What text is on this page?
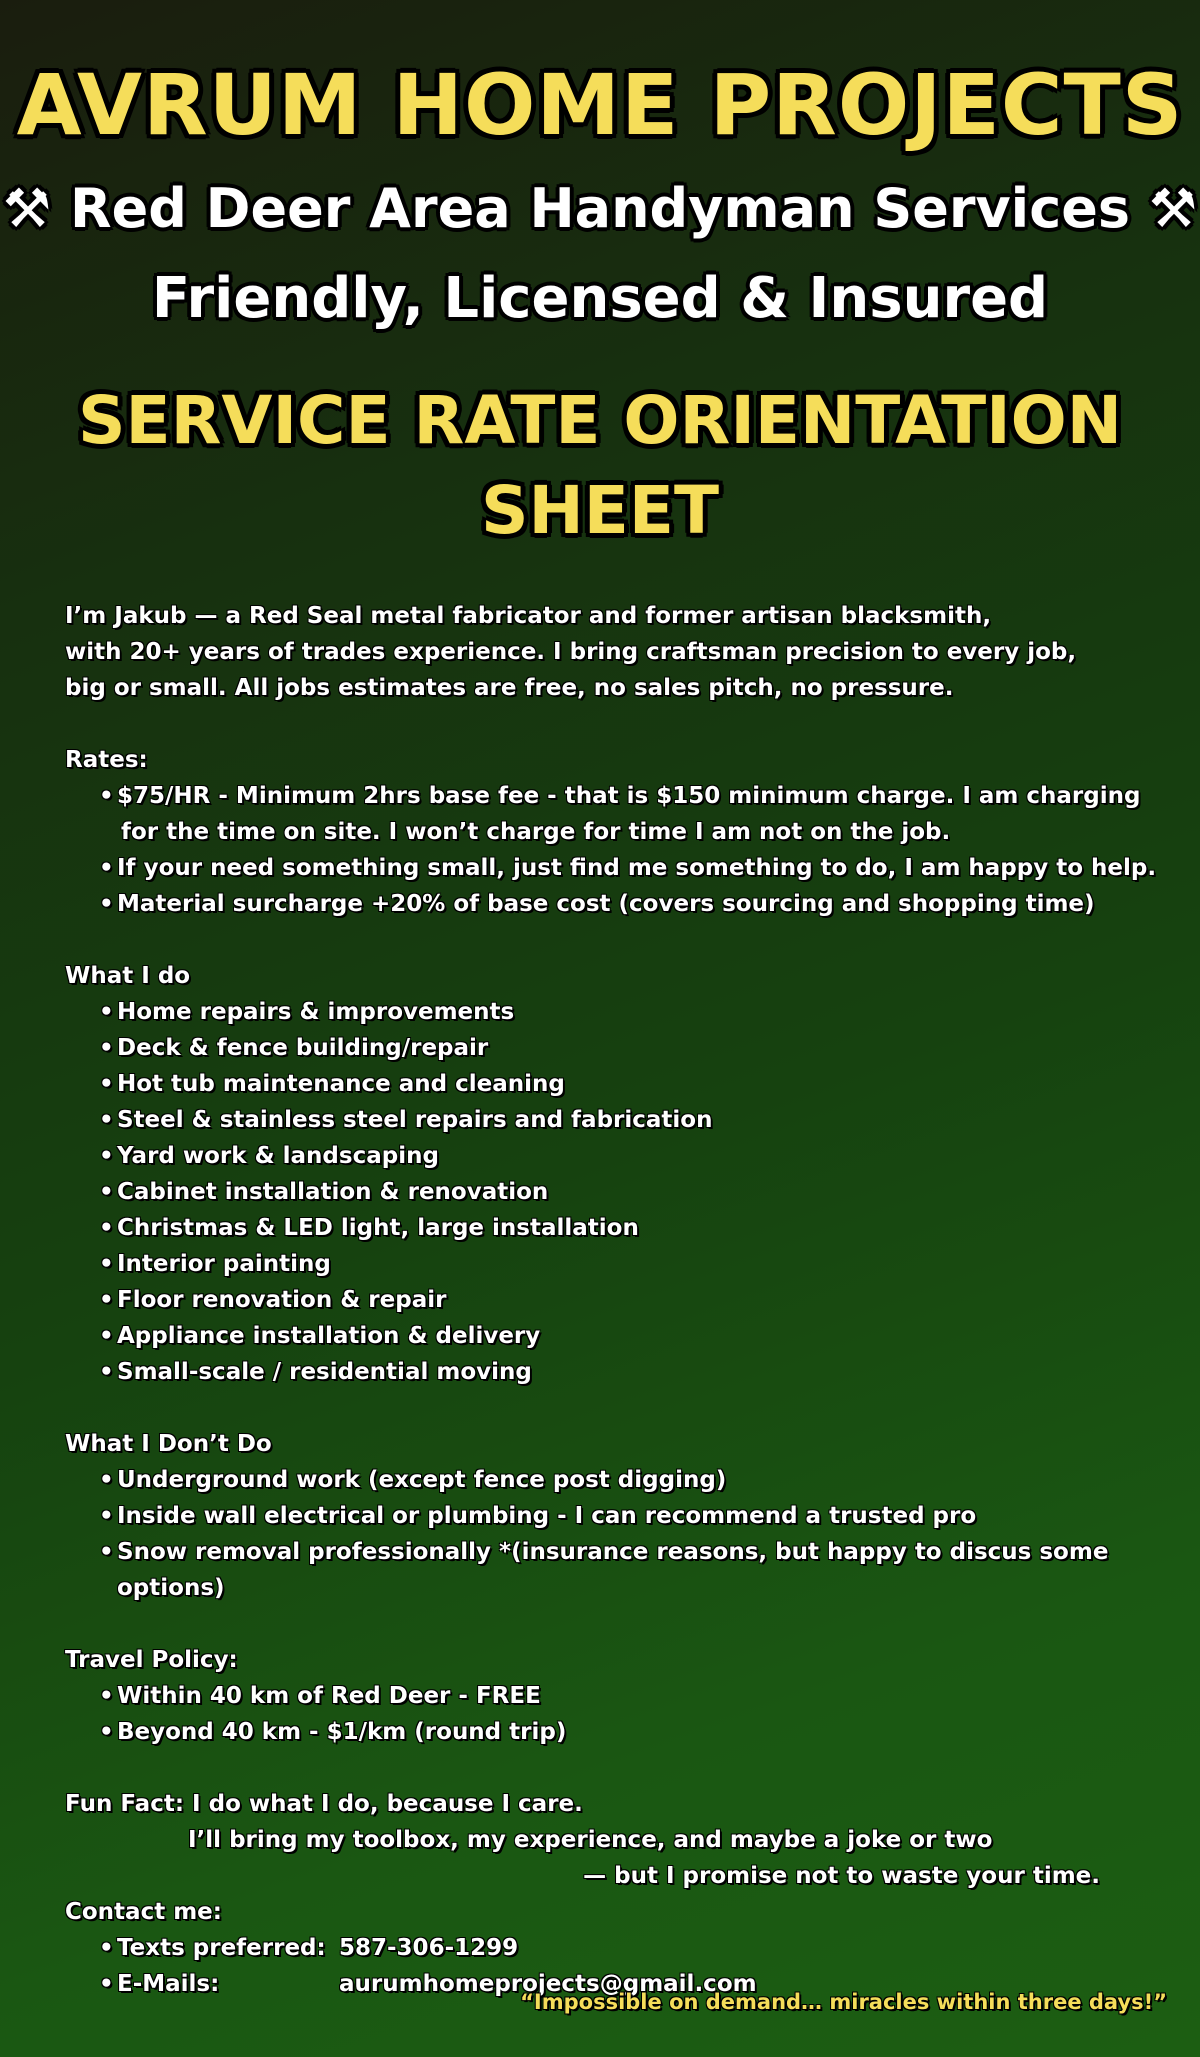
AVRUM HOME PROJECTS
⚒ Red Deer Area Handyman Services ⚒
Friendly, Licensed & Insured
SERVICE RATE ORIENTATION SHEET
I’m Jakub — a Red Seal metal fabricator and former artisan blacksmith,
with 20+ years of trades experience. I bring craftsman precision to every job,
big or small. All jobs estimates are free, no sales pitch, no pressure.
Rates:
• $75/HR - Minimum 2hrs base fee - that is $150 minimum charge. I am charging
for the time on site. I won’t charge for time I am not on the job.
• If your need something small, just find me something to do, I am happy to help.
• Material surcharge +20% of base cost (covers sourcing and shopping time)
What I do
• Home repairs & improvements
• Deck & fence building/repair
• Hot tub maintenance and cleaning
• Steel & stainless steel repairs and fabrication
• Yard work & landscaping
• Cabinet installation & renovation
• Christmas & LED light, large installation
• Interior painting
• Floor renovation & repair
• Appliance installation & delivery
• Small-scale / residential moving
What I Don’t Do
• Underground work (except fence post digging)
• Inside wall electrical or plumbing - I can recommend a trusted pro
• Snow removal professionally *(insurance reasons, but happy to discus some options)
Travel Policy:
• Within 40 km of Red Deer - FREE
• Beyond 40 km - $1/km (round trip)
Fun Fact: I do what I do, because I care.
I’ll bring my toolbox, my experience, and maybe a joke or two
— but I promise not to waste your time.
Contact me:
• Texts preferred: 587-306-1299
• E-Mails:	aurumhomeprojects@gmail.com
“Impossible on demand… miracles within three days!”
